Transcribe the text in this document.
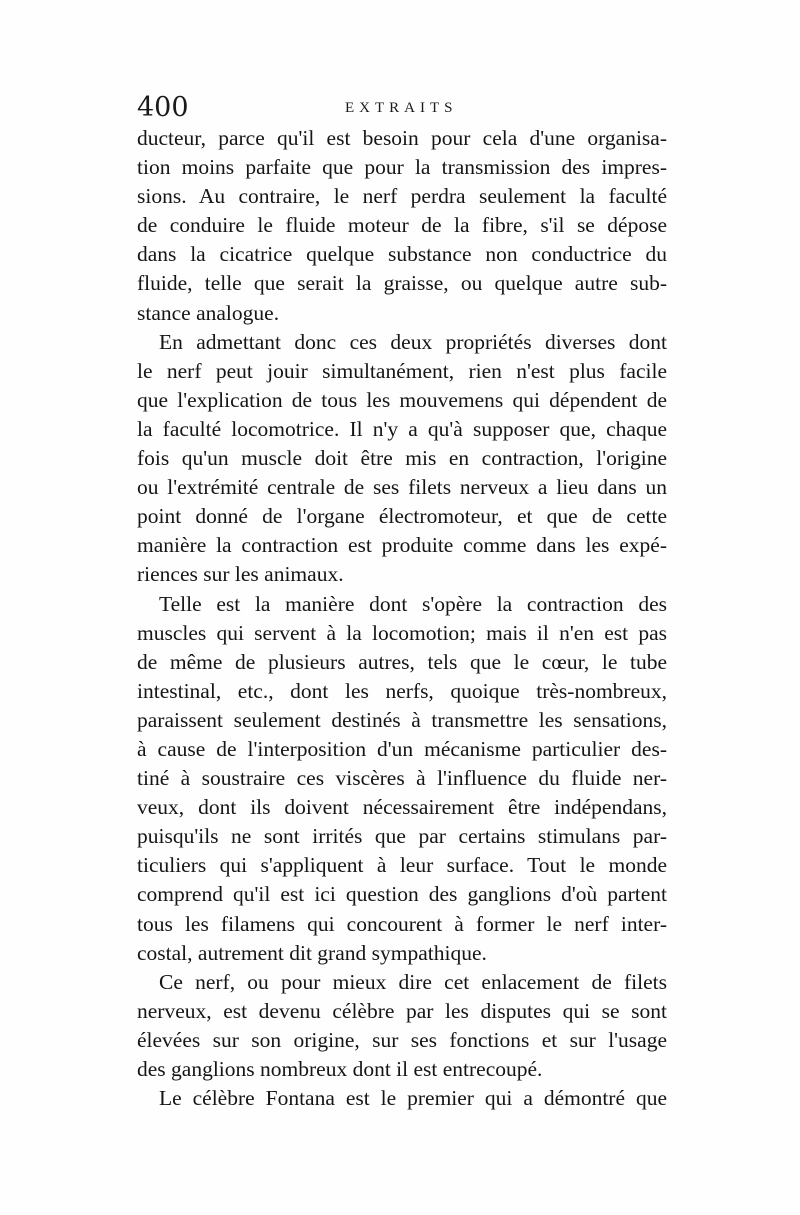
400	EXTRAITS

ducteur, parce qu'il est besoin pour cela d'une organisa-
tion moins parfaite que pour la transmission des impres-
sions. Au contraire, le nerf perdra seulement la faculté
de conduire le fluide moteur de la fibre, s'il se dépose
dans la cicatrice quelque substance non conductrice du
fluide, telle que serait la graisse, ou quelque autre sub-
stance analogue.

En admettant donc ces deux propriétés diverses dont
le nerf peut jouir simultanément, rien n'est plus facile
que l'explication de tous les mouvemens qui dépendent de
la faculté locomotrice. Il n'y a qu'à supposer que, chaque
fois qu'un muscle doit être mis en contraction, l'origine
ou l'extrémité centrale de ses filets nerveux a lieu dans un
point donné de l'organe électromoteur, et que de cette
manière la contraction est produite comme dans les expé-
riences sur les animaux.

Telle est la manière dont s'opère la contraction des
muscles qui servent à la locomotion; mais il n'en est pas
de même de plusieurs autres, tels que le cœur, le tube
intestinal, etc., dont les nerfs, quoique très-nombreux,
paraissent seulement destinés à transmettre les sensations,
à cause de l'interposition d'un mécanisme particulier des-
tiné à soustraire ces viscères à l'influence du fluide ner-
veux, dont ils doivent nécessairement être indépendans,
puisqu'ils ne sont irrités que par certains stimulans par-
ticuliers qui s'appliquent à leur surface. Tout le monde
comprend qu'il est ici question des ganglions d'où partent
tous les filamens qui concourent à former le nerf inter-
costal, autrement dit grand sympathique.

Ce nerf, ou pour mieux dire cet enlacement de filets
nerveux, est devenu célèbre par les disputes qui se sont
élevées sur son origine, sur ses fonctions et sur l'usage
des ganglions nombreux dont il est entrecoupé.

Le célèbre Fontana est le premier qui a démontré que
